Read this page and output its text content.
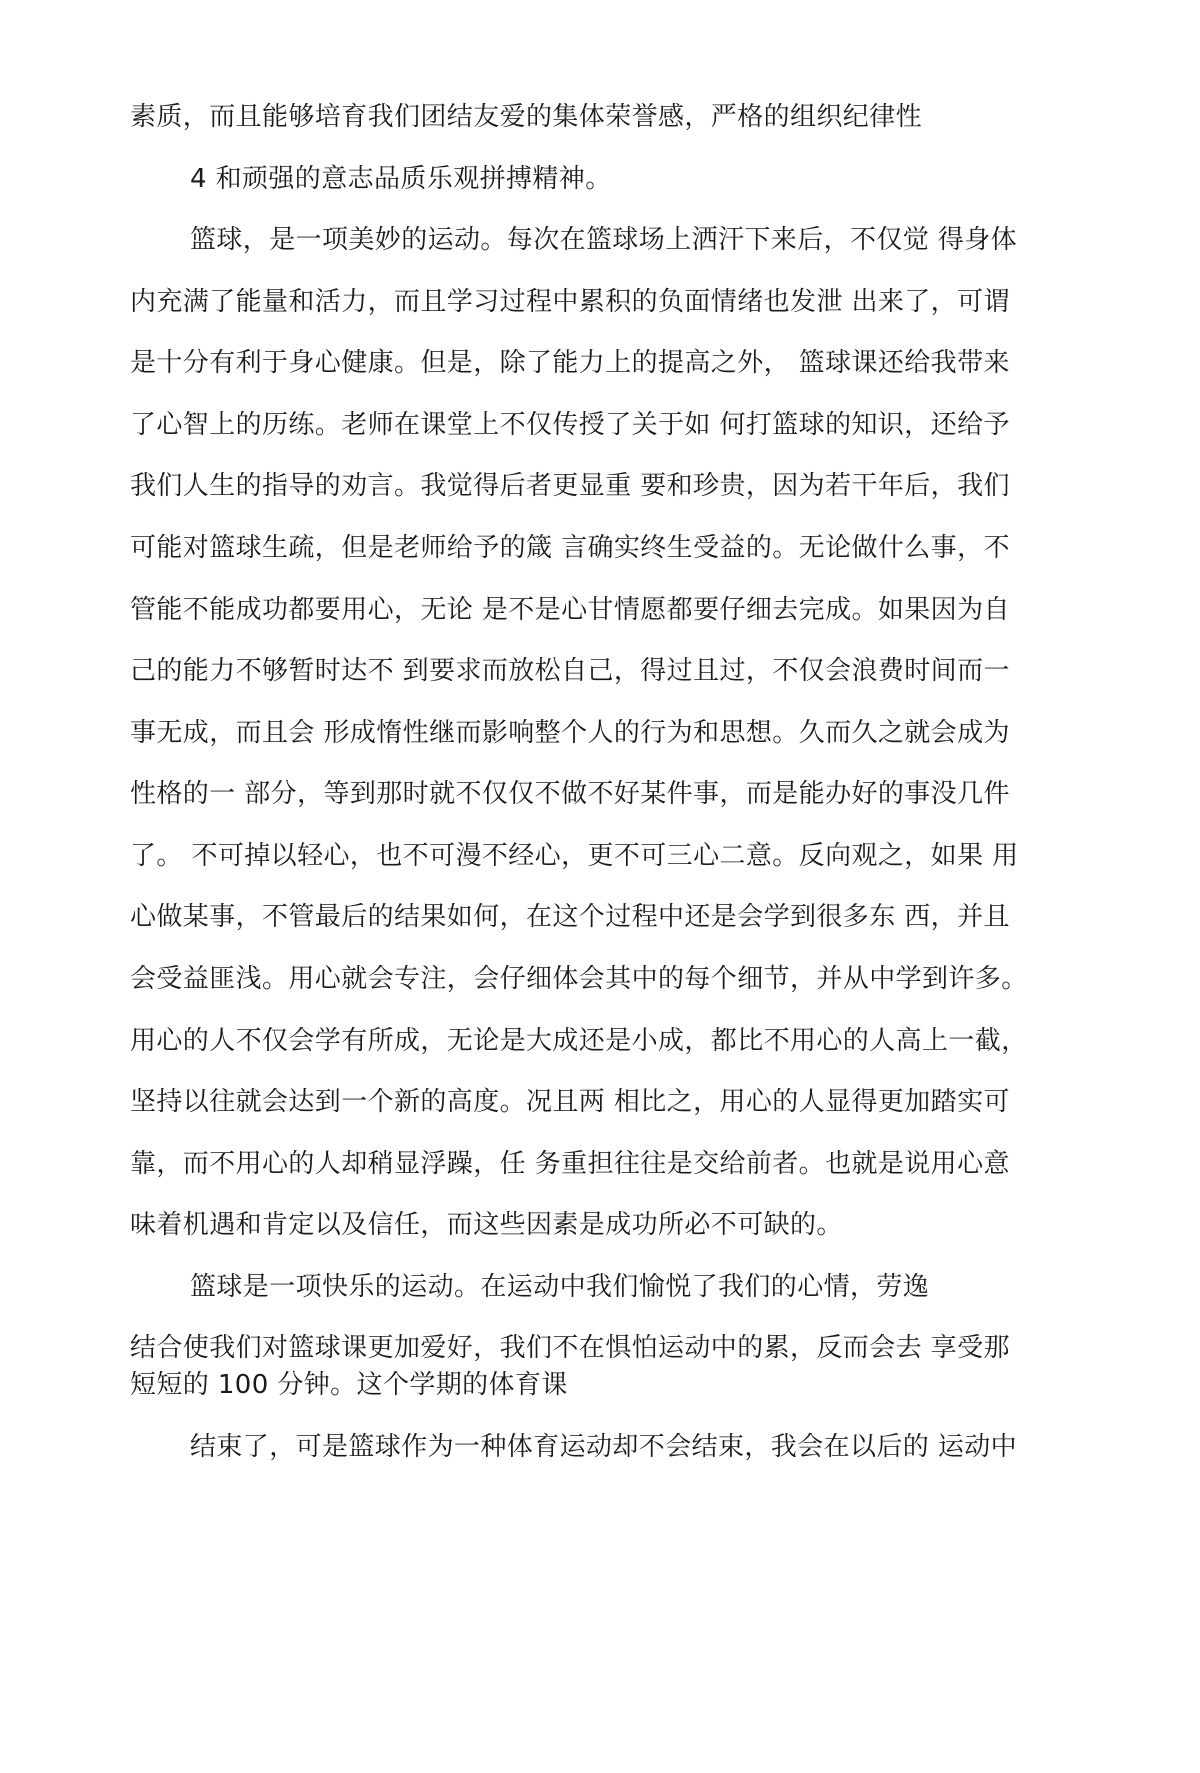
素质，而且能够培育我们团结友爱的集体荣誉感，严格的组织纪律性
4 和顽强的意志品质乐观拼搏精神。
篮球，是一项美妙的运动。每次在篮球场上洒汗下来后，不仅觉 得身体
内充满了能量和活力，而且学习过程中累积的负面情绪也发泄 出来了，可谓
是十分有利于身心健康。但是，除了能力上的提高之外， 篮球课还给我带来
了心智上的历练。老师在课堂上不仅传授了关于如 何打篮球的知识，还给予
我们人生的指导的劝言。我觉得后者更显重 要和珍贵，因为若干年后，我们
可能对篮球生疏，但是老师给予的箴 言确实终生受益的。无论做什么事，不
管能不能成功都要用心，无论 是不是心甘情愿都要仔细去完成。如果因为自
己的能力不够暂时达不 到要求而放松自己，得过且过，不仅会浪费时间而一
事无成，而且会 形成惰性继而影响整个人的行为和思想。久而久之就会成为
性格的一 部分，等到那时就不仅仅不做不好某件事，而是能办好的事没几件
了。 不可掉以轻心，也不可漫不经心，更不可三心二意。反向观之，如果 用
心做某事，不管最后的结果如何，在这个过程中还是会学到很多东 西，并且
会受益匪浅。用心就会专注，会仔细体会其中的每个细节，并从中学到许多。
用心的人不仅会学有所成，无论是大成还是小成，都比不用心的人高上一截，
坚持以往就会达到一个新的高度。况且两 相比之，用心的人显得更加踏实可
靠，而不用心的人却稍显浮躁，任 务重担往往是交给前者。也就是说用心意
味着机遇和肯定以及信任，而这些因素是成功所必不可缺的。
篮球是一项快乐的运动。在运动中我们愉悦了我们的心情，劳逸
结合使我们对篮球课更加爱好，我们不在惧怕运动中的累，反而会去 享受那
短短的 100 分钟。这个学期的体育课
结束了，可是篮球作为一种体育运动却不会结束，我会在以后的 运动中
